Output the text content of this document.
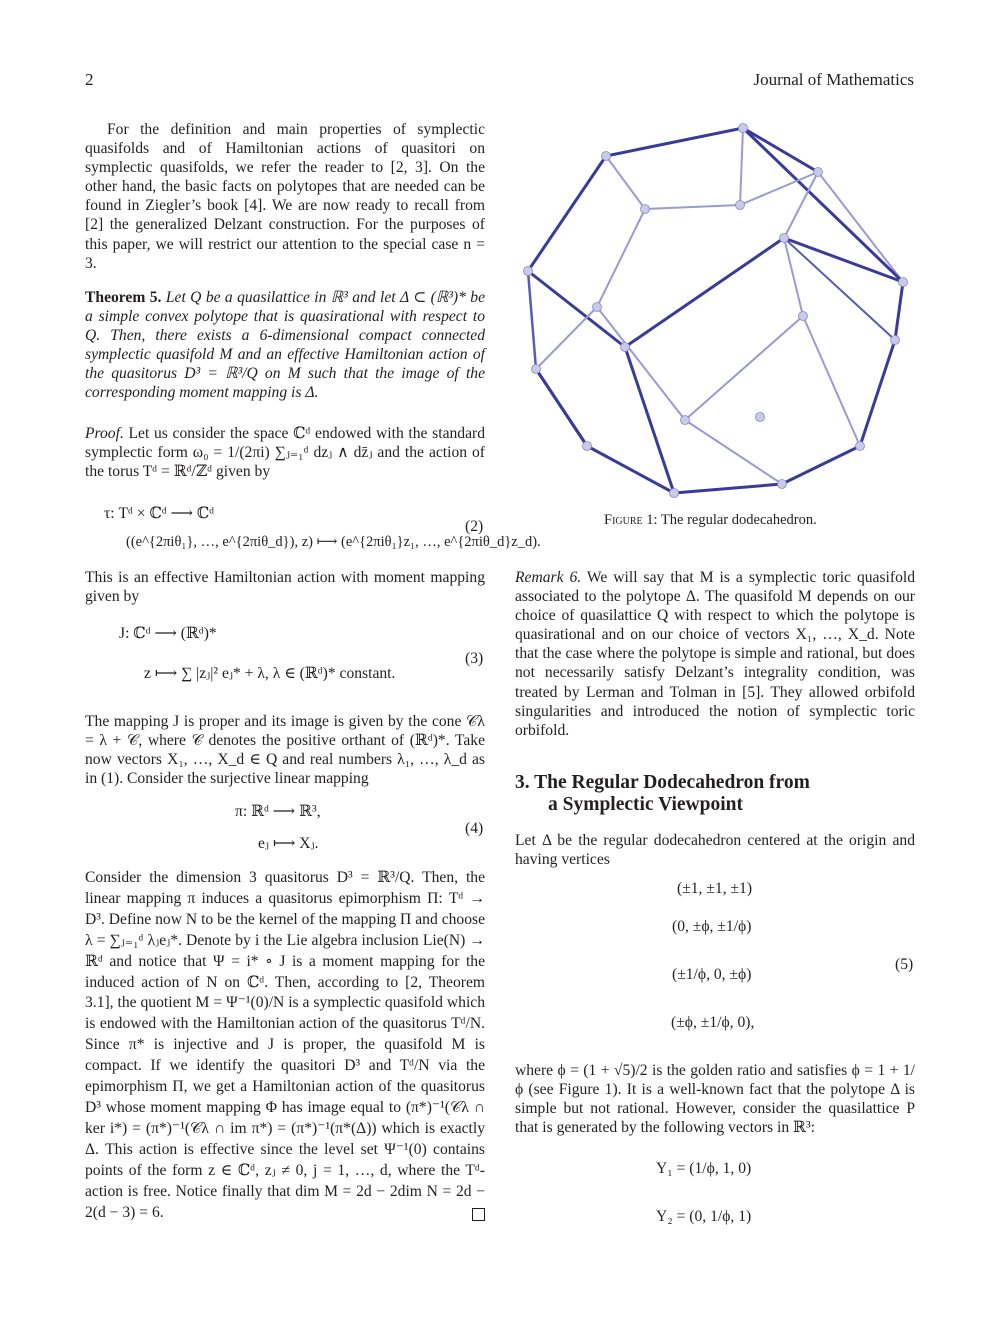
2	Journal of Mathematics

For the definition and main properties of symplectic quasifolds and of Hamiltonian actions of quasitori on symplectic quasifolds, we refer the reader to [2, 3]. On the other hand, the basic facts on polytopes that are needed can be found in Ziegler’s book [4]. We are now ready to recall from [2] the generalized Delzant construction. For the purposes of this paper, we will restrict our attention to the special case n = 3.

Theorem 5. Let Q be a quasilattice in ℝ³ and let Δ ⊂ (ℝ³)* be a simple convex polytope that is quasirational with respect to Q. Then, there exists a 6-dimensional compact connected symplectic quasifold M and an effective Hamiltonian action of the quasitorus D³ = ℝ³/Q on M such that the image of the corresponding moment mapping is Δ.

Proof. Let us consider the space ℂᵈ endowed with the standard symplectic form ω₀ = 1/(2πi) ∑ⱼ₌₁ᵈ dzⱼ ∧ dz̄ⱼ and the action of the torus Tᵈ = ℝᵈ/ℤᵈ given by

τ: Tᵈ × ℂᵈ ⟶ ℂᵈ
((e^{2πiθ₁}, …, e^{2πiθ_d}), z) ⟼ (e^{2πiθ₁}z₁, …, e^{2πiθ_d}z_d).
(2)

This is an effective Hamiltonian action with moment mapping given by

J: ℂᵈ ⟶ (ℝᵈ)*
z ⟼ ∑ |zⱼ|² eⱼ* + λ, λ ∈ (ℝᵈ)* constant.
(3)

The mapping J is proper and its image is given by the cone 𝒞λ = λ + 𝒞, where 𝒞 denotes the positive orthant of (ℝᵈ)*. Take now vectors X₁, …, X_d ∈ Q and real numbers λ₁, …, λ_d as in (1). Consider the surjective linear mapping

π: ℝᵈ ⟶ ℝ³,
eⱼ ⟼ Xⱼ.
(4)

Consider the dimension 3 quasitorus D³ = ℝ³/Q. Then, the linear mapping π induces a quasitorus epimorphism Π: Tᵈ → D³. Define now N to be the kernel of the mapping Π and choose λ = ∑ⱼ₌₁ᵈ λⱼeⱼ*. Denote by i the Lie algebra inclusion Lie(N) → ℝᵈ and notice that Ψ = i* ∘ J is a moment mapping for the induced action of N on ℂᵈ. Then, according to [2, Theorem 3.1], the quotient M = Ψ⁻¹(0)/N is a symplectic quasifold which is endowed with the Hamiltonian action of the quasitorus Tᵈ/N. Since π* is injective and J is proper, the quasifold M is compact. If we identify the quasitori D³ and Tᵈ/N via the epimorphism Π, we get a Hamiltonian action of the quasitorus D³ whose moment mapping Φ has image equal to (π*)⁻¹(𝒞λ ∩ ker i*) = (π*)⁻¹(𝒞λ ∩ im π*) = (π*)⁻¹(π*(Δ)) which is exactly Δ. This action is effective since the level set Ψ⁻¹(0) contains points of the form z ∈ ℂᵈ, zⱼ ≠ 0, j = 1, …, d, where the Tᵈ-action is free. Notice finally that dim M = 2d − 2dim N = 2d − 2(d − 3) = 6.

Figure 1: The regular dodecahedron.

Remark 6. We will say that M is a symplectic toric quasifold associated to the polytope Δ. The quasifold M depends on our choice of quasilattice Q with respect to which the polytope is quasirational and on our choice of vectors X₁, …, X_d. Note that the case where the polytope is simple and rational, but does not necessarily satisfy Delzant’s integrality condition, was treated by Lerman and Tolman in [5]. They allowed orbifold singularities and introduced the notion of symplectic toric orbifold.

3. The Regular Dodecahedron from
a Symplectic Viewpoint

Let Δ be the regular dodecahedron centered at the origin and having vertices

(±1, ±1, ±1)
(0, ±ϕ, ±1/ϕ)
(±1/ϕ, 0, ±ϕ)
(±ϕ, ±1/ϕ, 0),
(5)

where ϕ = (1 + √5)/2 is the golden ratio and satisfies ϕ = 1 + 1/ϕ (see Figure 1). It is a well-known fact that the polytope Δ is simple but not rational. However, consider the quasilattice P that is generated by the following vectors in ℝ³:

Y₁ = (1/ϕ, 1, 0)
Y₂ = (0, 1/ϕ, 1)
